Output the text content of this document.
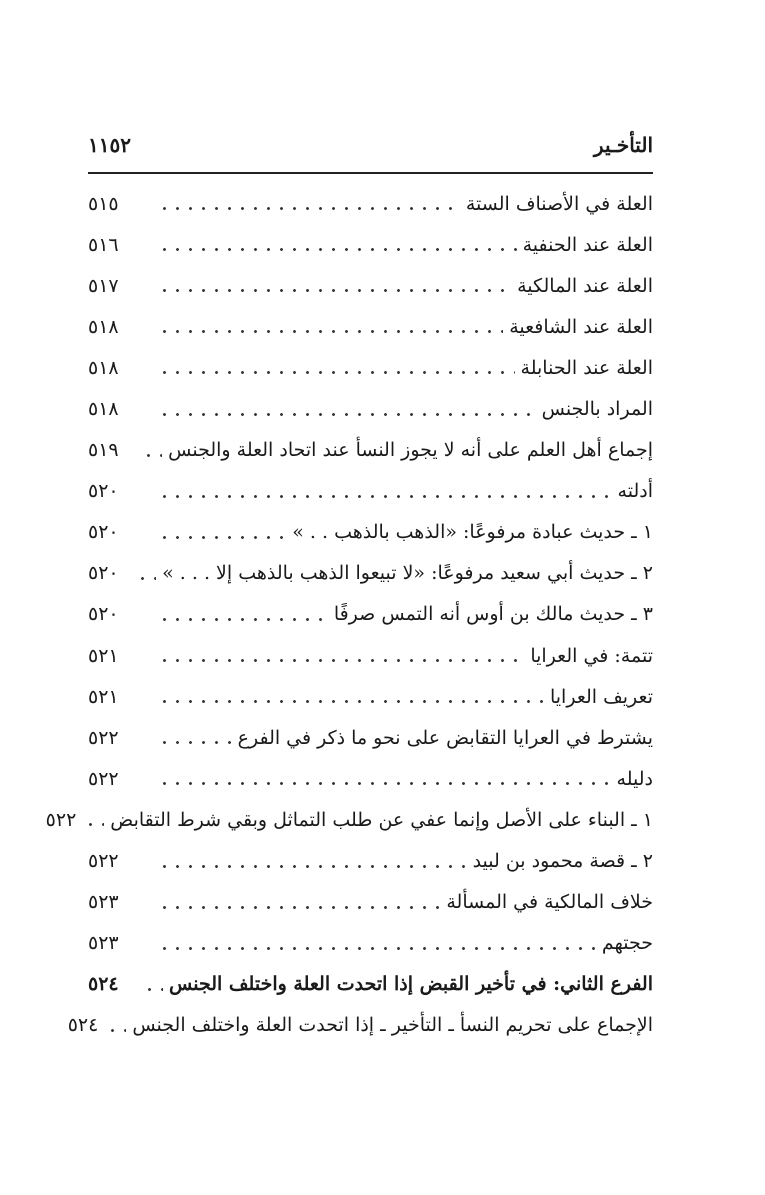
١١٥٢	التأخـير
العلة في الأصناف الستة
٥١٥
العلة عند الحنفية
٥١٦
العلة عند المالكية
٥١٧
العلة عند الشافعية
٥١٨
العلة عند الحنابلة
٥١٨
المراد بالجنس
٥١٨
إجماع أهل العلم على أنه لا يجوز النسأ عند اتحاد العلة والجنس
٥١٩
أدلته
٥٢٠
١ ـ حديث عبادة مرفوعًا: «الذهب بالذهب . . »
٥٢٠
٢ ـ حديث أبي سعيد مرفوعًا: «لا تبيعوا الذهب بالذهب إلا . . . »
٥٢٠
٣ ـ حديث مالك بن أوس أنه التمس صرفًا
٥٢٠
تتمة: في العرايا
٥٢١
تعريف العرايا
٥٢١
يشترط في العرايا التقابض على نحو ما ذكر في الفرع
٥٢٢
دليله
٥٢٢
١ ـ البناء على الأصل وإنما عفي عن طلب التماثل وبقي شرط التقابض
٥٢٢
٢ ـ قصة محمود بن لبيد
٥٢٢
خلاف المالكية في المسألة
٥٢٣
حجتهم
٥٢٣
الفرع الثاني: في تأخير القبض إذا اتحدت العلة واختلف الجنس
٥٢٤
الإجماع على تحريم النسأ ـ التأخير ـ إذا اتحدت العلة واختلف الجنس
٥٢٤
